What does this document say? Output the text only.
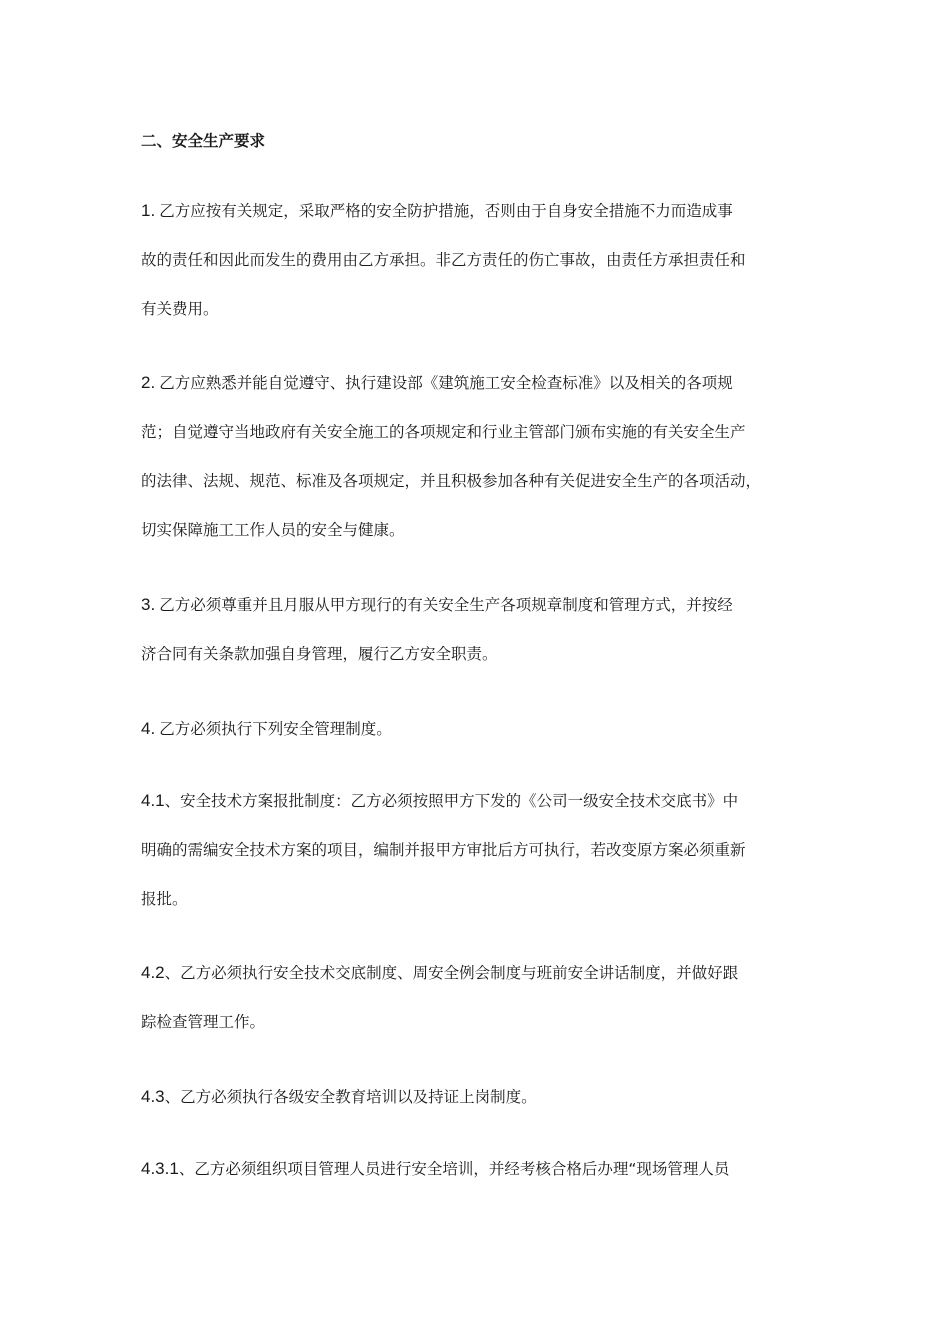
二、安全生产要求
1. 乙方应按有关规定，采取严格的安全防护措施，否则由于自身安全措施不力而造成事
故的责任和因此而发生的费用由乙方承担。非乙方责任的伤亡事故，由责任方承担责任和
有关费用。
2. 乙方应熟悉并能自觉遵守、执行建设部《建筑施工安全检查标准》以及相关的各项规
范；自觉遵守当地政府有关安全施工的各项规定和行业主管部门颁布实施的有关安全生产
的法律、法规、规范、标准及各项规定，并且积极参加各种有关促进安全生产的各项活动，
切实保障施工工作人员的安全与健康。
3. 乙方必须尊重并且月服从甲方现行的有关安全生产各项规章制度和管理方式，并按经
济合同有关条款加强自身管理，履行乙方安全职责。
4. 乙方必须执行下列安全管理制度。
4.1、安全技术方案报批制度：乙方必须按照甲方下发的《公司一级安全技术交底书》中
明确的需编安全技术方案的项目，编制并报甲方审批后方可执行，若改变原方案必须重新
报批。
4.2、乙方必须执行安全技术交底制度、周安全例会制度与班前安全讲话制度，并做好跟
踪检查管理工作。
4.3、乙方必须执行各级安全教育培训以及持证上岗制度。
4.3.1、乙方必须组织项目管理人员进行安全培训，并经考核合格后办理“现场管理人员
